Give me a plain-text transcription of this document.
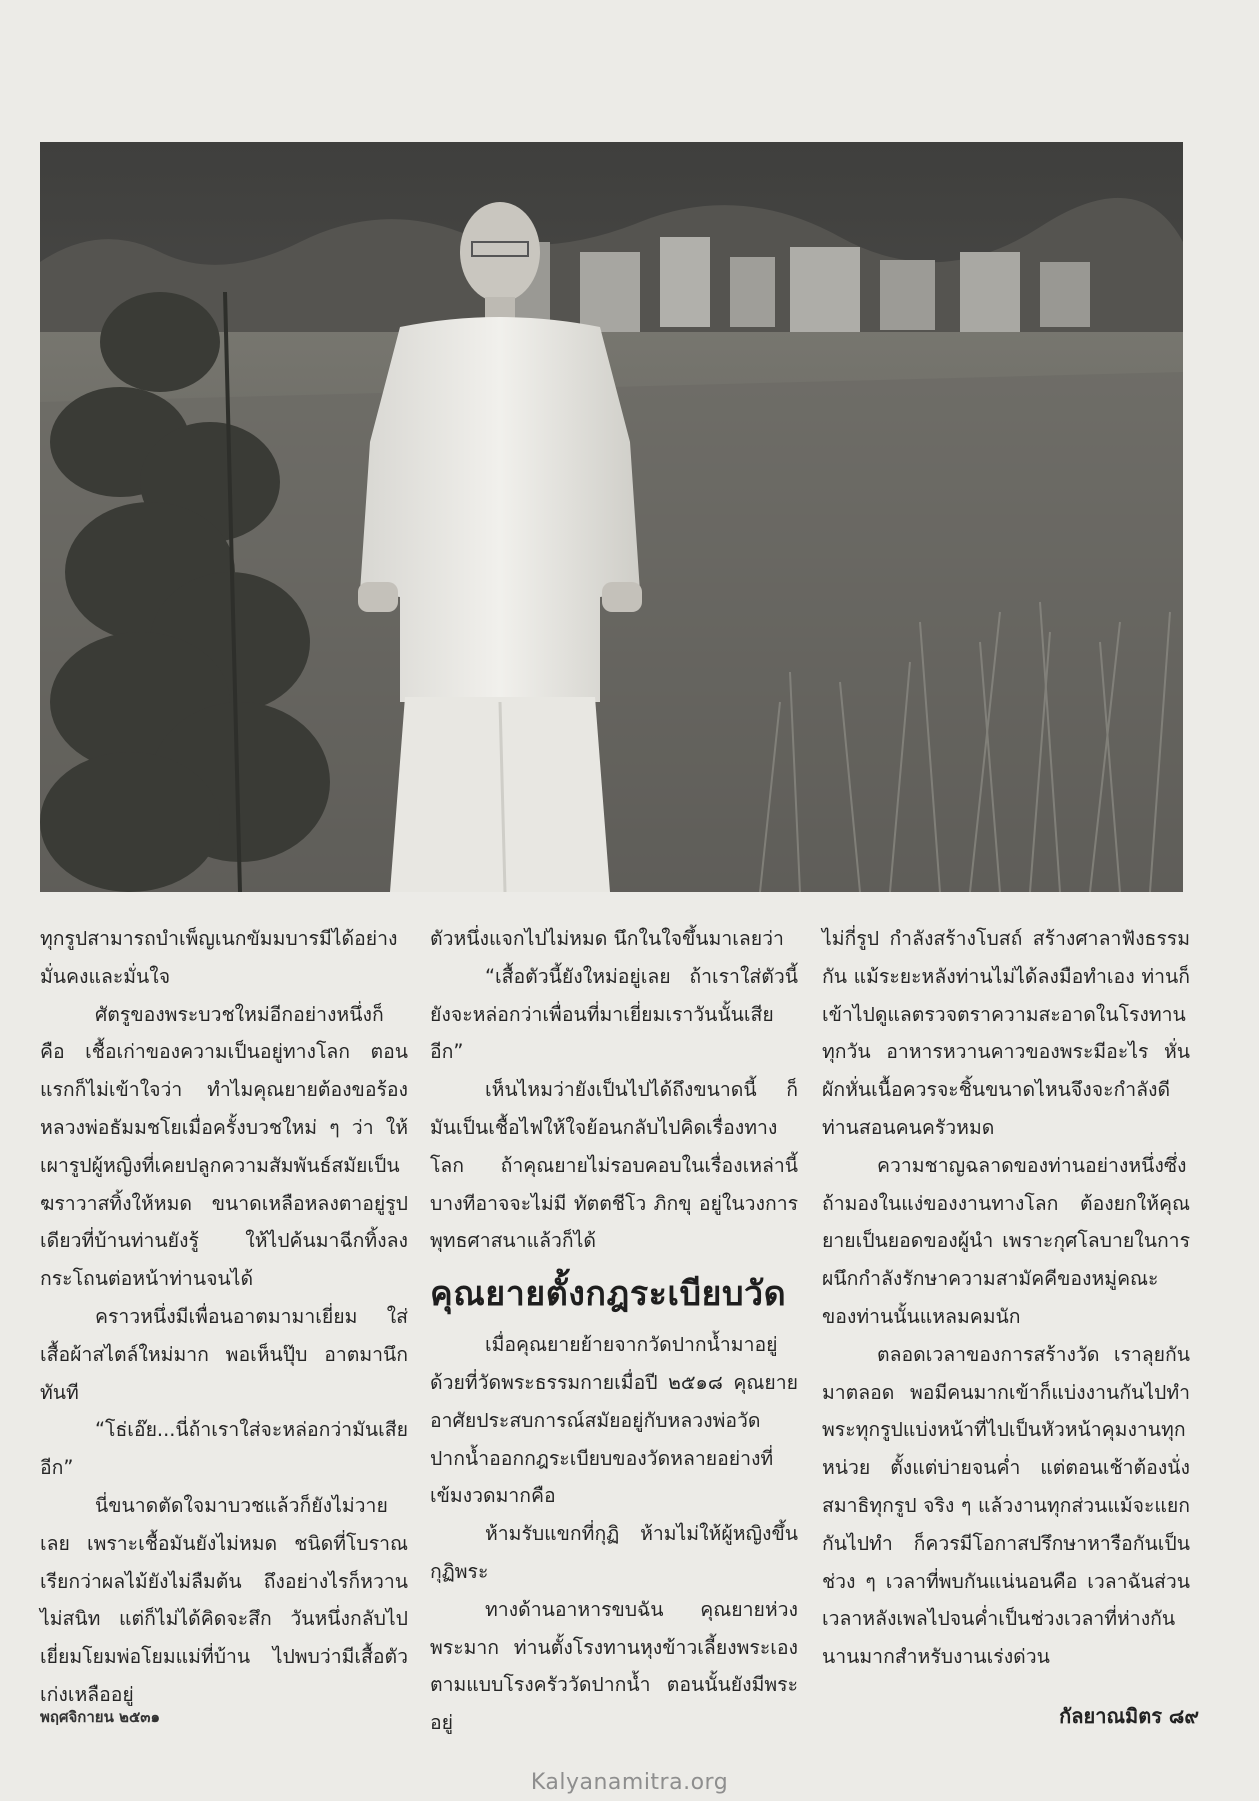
ทุกรูปสามารถบำเพ็ญเนกขัมมบารมีได้อย่างมั่นคงและมั่นใจ

ศัตรูของพระบวชใหม่อีกอย่างหนึ่งก็คือ เชื้อเก่าของความเป็นอยู่ทางโลก ตอนแรกก็ไม่เข้าใจว่า ทำไมคุณยายต้องขอร้องหลวงพ่อธัมมชโยเมื่อครั้งบวชใหม่ ๆ ว่า ให้เผารูปผู้หญิงที่เคยปลูกความสัมพันธ์สมัยเป็นฆราวาสทิ้งให้หมด ขนาดเหลือหลงตาอยู่รูปเดียวที่บ้านท่านยังรู้ ให้ไปค้นมาฉีกทิ้งลงกระโถนต่อหน้าท่านจนได้

คราวหนึ่งมีเพื่อนอาตมามาเยี่ยม ใส่เสื้อผ้าสไตล์ใหม่มาก พอเห็นปุ๊บ อาตมานึกทันที

“โธ่เอ๊ย...นี่ถ้าเราใส่จะหล่อกว่ามันเสียอีก”

นี่ขนาดตัดใจมาบวชแล้วก็ยังไม่วายเลย เพราะเชื้อมันยังไม่หมด ชนิดที่โบราณเรียกว่าผลไม้ยังไม่ลืมต้น ถึงอย่างไรก็หวานไม่สนิท แต่ก็ไม่ได้คิดจะสึก วันหนึ่งกลับไปเยี่ยมโยมพ่อโยมแม่ที่บ้าน ไปพบว่ามีเสื้อตัวเก่งเหลืออยู่

ตัวหนึ่งแจกไปไม่หมด นึกในใจขึ้นมาเลยว่า

“เสื้อตัวนี้ยังใหม่อยู่เลย ถ้าเราใส่ตัวนี้ยังจะหล่อกว่าเพื่อนที่มาเยี่ยมเราวันนั้นเสียอีก”

เห็นไหมว่ายังเป็นไปได้ถึงขนาดนี้ ก็มันเป็นเชื้อไฟให้ใจย้อนกลับไปคิดเรื่องทางโลก ถ้าคุณยายไม่รอบคอบในเรื่องเหล่านี้ บางทีอาจจะไม่มี ทัตตชีโว ภิกขุ อยู่ในวงการพุทธศาสนาแล้วก็ได้

คุณยายตั้งกฎระเบียบวัด

เมื่อคุณยายย้ายจากวัดปากน้ำมาอยู่ด้วยที่วัดพระธรรมกายเมื่อปี ๒๕๑๘ คุณยายอาศัยประสบการณ์สมัยอยู่กับหลวงพ่อวัดปากน้ำออกกฎระเบียบของวัดหลายอย่างที่เข้มงวดมากคือ

ห้ามรับแขกที่กุฏิ ห้ามไม่ให้ผู้หญิงขึ้นกุฏิพระ

ทางด้านอาหารขบฉัน คุณยายห่วงพระมาก ท่านตั้งโรงทานหุงข้าวเลี้ยงพระเองตามแบบโรงครัววัดปากน้ำ ตอนนั้นยังมีพระอยู่

ไม่กี่รูป กำลังสร้างโบสถ์ สร้างศาลาฟังธรรมกัน แม้ระยะหลังท่านไม่ได้ลงมือทำเอง ท่านก็เข้าไปดูแลตรวจตราความสะอาดในโรงทานทุกวัน อาหารหวานคาวของพระมีอะไร หั่นผักหั่นเนื้อควรจะชิ้นขนาดไหนจึงจะกำลังดี ท่านสอนคนครัวหมด

ความชาญฉลาดของท่านอย่างหนึ่งซึ่งถ้ามองในแง่ของงานทางโลก ต้องยกให้คุณยายเป็นยอดของผู้นำ เพราะกุศโลบายในการผนึกกำลังรักษาความสามัคคีของหมู่คณะของท่านนั้นแหลมคมนัก

ตลอดเวลาของการสร้างวัด เราลุยกันมาตลอด พอมีคนมากเข้าก็แบ่งงานกันไปทำ พระทุกรูปแบ่งหน้าที่ไปเป็นหัวหน้าคุมงานทุกหน่วย ตั้งแต่บ่ายจนค่ำ แต่ตอนเช้าต้องนั่งสมาธิทุกรูป จริง ๆ แล้วงานทุกส่วนแม้จะแยกกันไปทำ ก็ควรมีโอกาสปรึกษาหารือกันเป็นช่วง ๆ เวลาที่พบกันแน่นอนคือ เวลาฉันส่วนเวลาหลังเพลไปจนค่ำเป็นช่วงเวลาที่ห่างกันนานมากสำหรับงานเร่งด่วน

พฤศจิกายน ๒๕๓๑	กัลยาณมิตร ๘๙
Kalyanamitra.org
